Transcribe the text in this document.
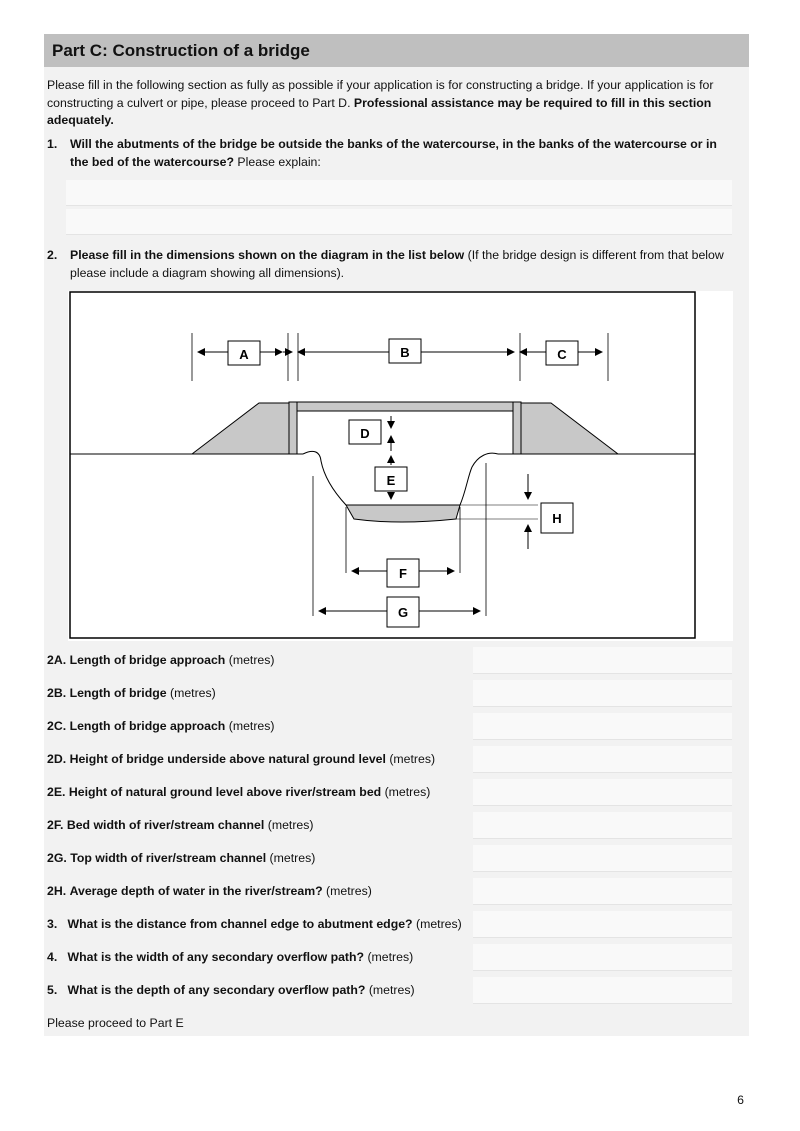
Part C: Construction of a bridge
Please fill in the following section as fully as possible if your application is for constructing a bridge. If your application is for constructing a culvert or pipe, please proceed to Part D. Professional assistance may be required to fill in this section adequately.
1. Will the abutments of the bridge be outside the banks of the watercourse, in the banks of the watercourse or in the bed of the watercourse? Please explain:
2. Please fill in the dimensions shown on the diagram in the list below (If the bridge design is different from that below please include a diagram showing all dimensions).
A	B	C
D
E
H
F
G
2A. Length of bridge approach (metres)
2B. Length of bridge (metres)
2C. Length of bridge approach (metres)
2D. Height of bridge underside above natural ground level (metres)
2E. Height of natural ground level above river/stream bed (metres)
2F. Bed width of river/stream channel (metres)
2G. Top width of river/stream channel (metres)
2H. Average depth of water in the river/stream? (metres)
3. What is the distance from channel edge to abutment edge? (metres)
4. What is the width of any secondary overflow path? (metres)
5. What is the depth of any secondary overflow path? (metres)
Please proceed to Part E
6
